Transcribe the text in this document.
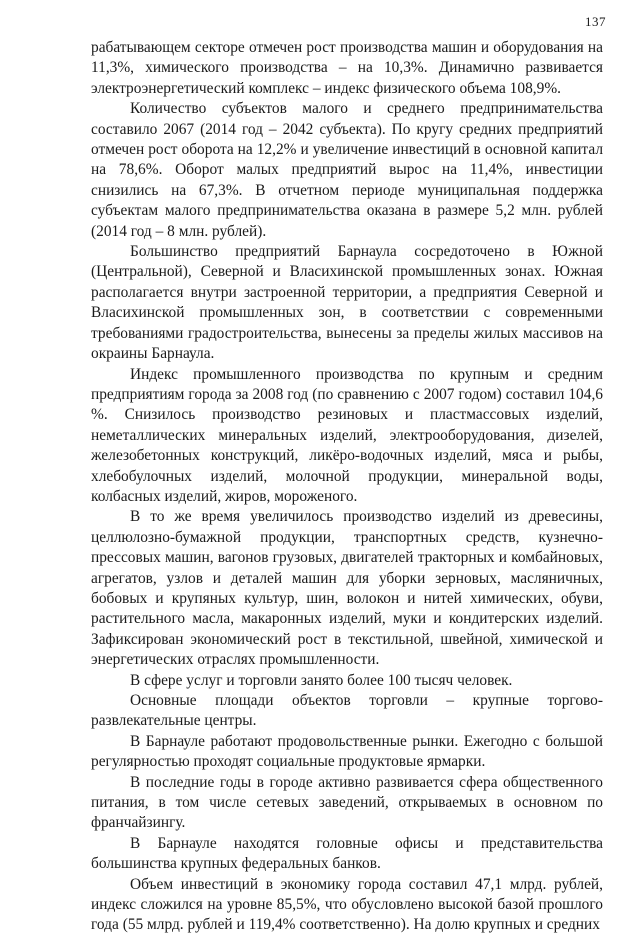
137

рабатывающем секторе отмечен рост производства машин и оборудования на 11,3%, химического производства – на 10,3%. Динамично развивается электроэнергетический комплекс – индекс физического объема 108,9%.

Количество субъектов малого и среднего предпринимательства составило 2067 (2014 год – 2042 субъекта). По кругу средних предприятий отмечен рост оборота на 12,2% и увеличение инвестиций в основной капитал на 78,6%. Оборот малых предприятий вырос на 11,4%, инвестиции снизились на 67,3%. В отчетном периоде муниципальная поддержка субъектам малого предпринимательства оказана в размере 5,2 млн. рублей (2014 год – 8 млн. рублей).

Большинство предприятий Барнаула сосредоточено в Южной (Центральной), Северной и Власихинской промышленных зонах. Южная располагается внутри застроенной территории, а предприятия Северной и Власихинской промышленных зон, в соответствии с современными требованиями градостроительства, вынесены за пределы жилых массивов на окраины Барнаула.

Индекс промышленного производства по крупным и средним предприятиям города за 2008 год (по сравнению с 2007 годом) составил 104,6 %. Снизилось производство резиновых и пластмассовых изделий, неметаллических минеральных изделий, электрооборудования, дизелей, железобетонных конструкций, ликёро-водочных изделий, мяса и рыбы, хлебобулочных изделий, молочной продукции, минеральной воды, колбасных изделий, жиров, мороженого.

В то же время увеличилось производство изделий из древесины, целлюлозно-бумажной продукции, транспортных средств, кузнечно-прессовых машин, вагонов грузовых, двигателей тракторных и комбайновых, агрегатов, узлов и деталей машин для уборки зерновых, масляничных, бобовых и крупяных культур, шин, волокон и нитей химических, обуви, растительного масла, макаронных изделий, муки и кондитерских изделий. Зафиксирован экономический рост в текстильной, швейной, химической и энергетических отраслях промышленности.

В сфере услуг и торговли занято более 100 тысяч человек.

Основные площади объектов торговли – крупные торгово-развлекательные центры.

В Барнауле работают продовольственные рынки. Ежегодно с большой регулярностью проходят социальные продуктовые ярмарки.

В последние годы в городе активно развивается сфера общественного питания, в том числе сетевых заведений, открываемых в основном по франчайзингу.

В Барнауле находятся головные офисы и представительства большинства крупных федеральных банков.

Объем инвестиций в экономику города составил 47,1 млрд. рублей, индекс сложился на уровне 85,5%, что обусловлено высокой базой прошлого года (55 млрд. рублей и 119,4% соответственно). На долю крупных и средних
